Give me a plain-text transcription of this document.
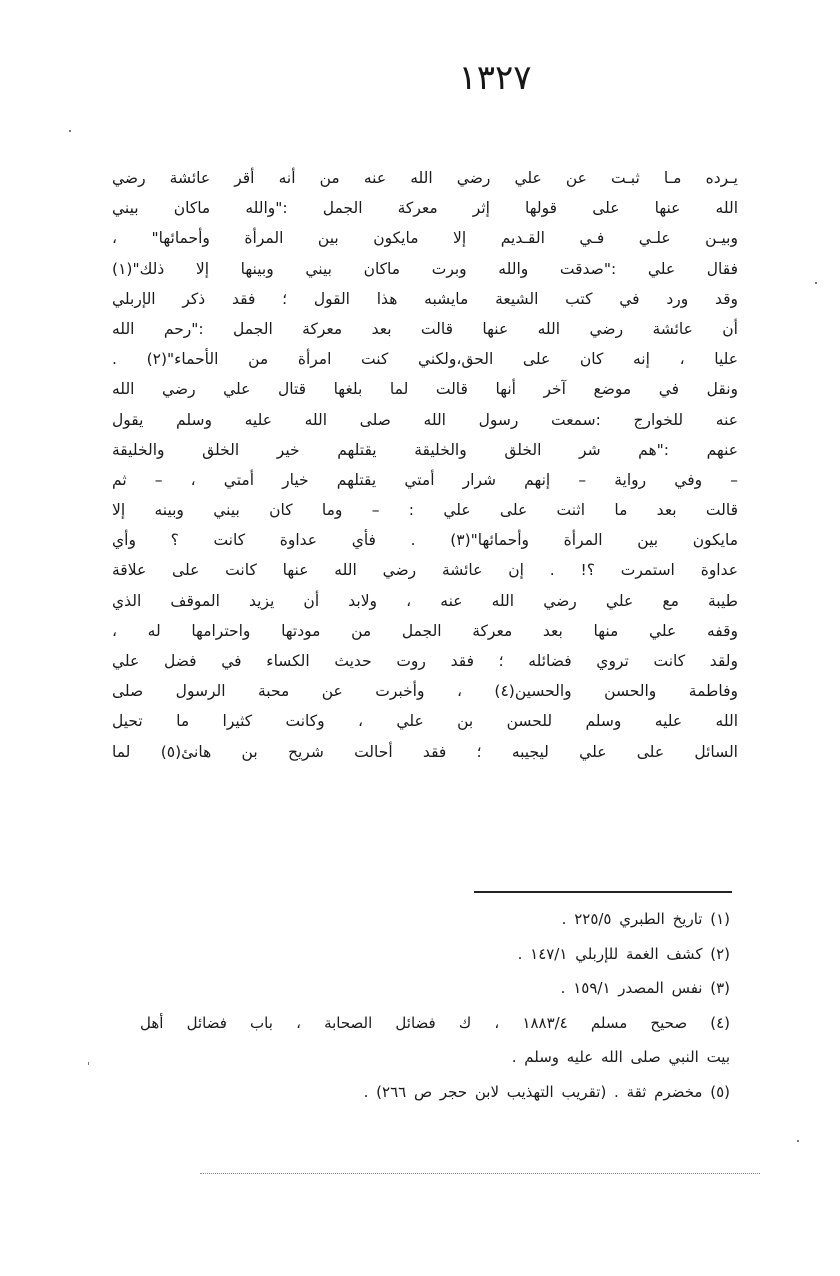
١٣٢٧
يـرده مـا ثبـت عن علي رضي الله عنه من أنه أقر عائشة رضي
الله عنها على قولها إثر معركة الجمل :"والله ماكان بيني
وبيـن علـي فـي القـديم إلا مايكون بين المرأة وأحمائها" ،
فقال علي :"صدقت والله وبرت ماكان بيني وبينها إلا ذلك"(١)
وقد ورد في كتب الشيعة مايشبه هذا القول ؛ فقد ذكر الإربلي
أن عائشة رضي الله عنها قالت بعد معركة الجمل :"رحم الله
عليا ، إنه كان على الحق،ولكني كنت امرأة من الأحماء"(٢) .
ونقل في موضع آخر أنها قالت لما بلغها قتال علي رضي الله
عنه للخوارج :سمعت رسول الله صلى الله عليه وسلم يقول
عنهم :"هم شر الخلق والخليقة يقتلهم خير الخلق والخليقة
– وفي رواية – إنهم شرار أمتي يقتلهم خيار أمتي ، – ثم
قالت بعد ما اثنت على علي : – وما كان بيني وبينه إلا
مايكون بين المرأة وأحمائها"(٣) . فأي عداوة كانت ؟ وأي
عداوة استمرت ؟! . إن عائشة رضي الله عنها كانت على علاقة
طيبة مع علي رضي الله عنه ، ولابد أن يزيد الموقف الذي
وقفه علي منها بعد معركة الجمل من مودتها واحترامها له ،
ولقد كانت تروي فضائله ؛ فقد روت حديث الكساء في فضل علي
وفاطمة والحسن والحسين(٤) ، وأخبرت عن محبة الرسول صلى
الله عليه وسلم للحسن بن علي ، وكانت كثيرا ما تحيل
السائل على علي ليجيبه ؛ فقد أحالت شريح بن هانئ(٥) لما
(١) تاريخ الطبري ٢٢٥/٥ .
(٢) كشف الغمة للإربلي ١٤٧/١ .
(٣) نفس المصدر ١٥٩/١ .
(٤) صحيح مسلم ١٨٨٣/٤ ، ك فضائل الصحابة ، باب فضائل أهل
بيت النبي صلى الله عليه وسلم .
(٥) مخضرم ثقة . (تقريب التهذيب لابن حجر ص ٢٦٦) .
